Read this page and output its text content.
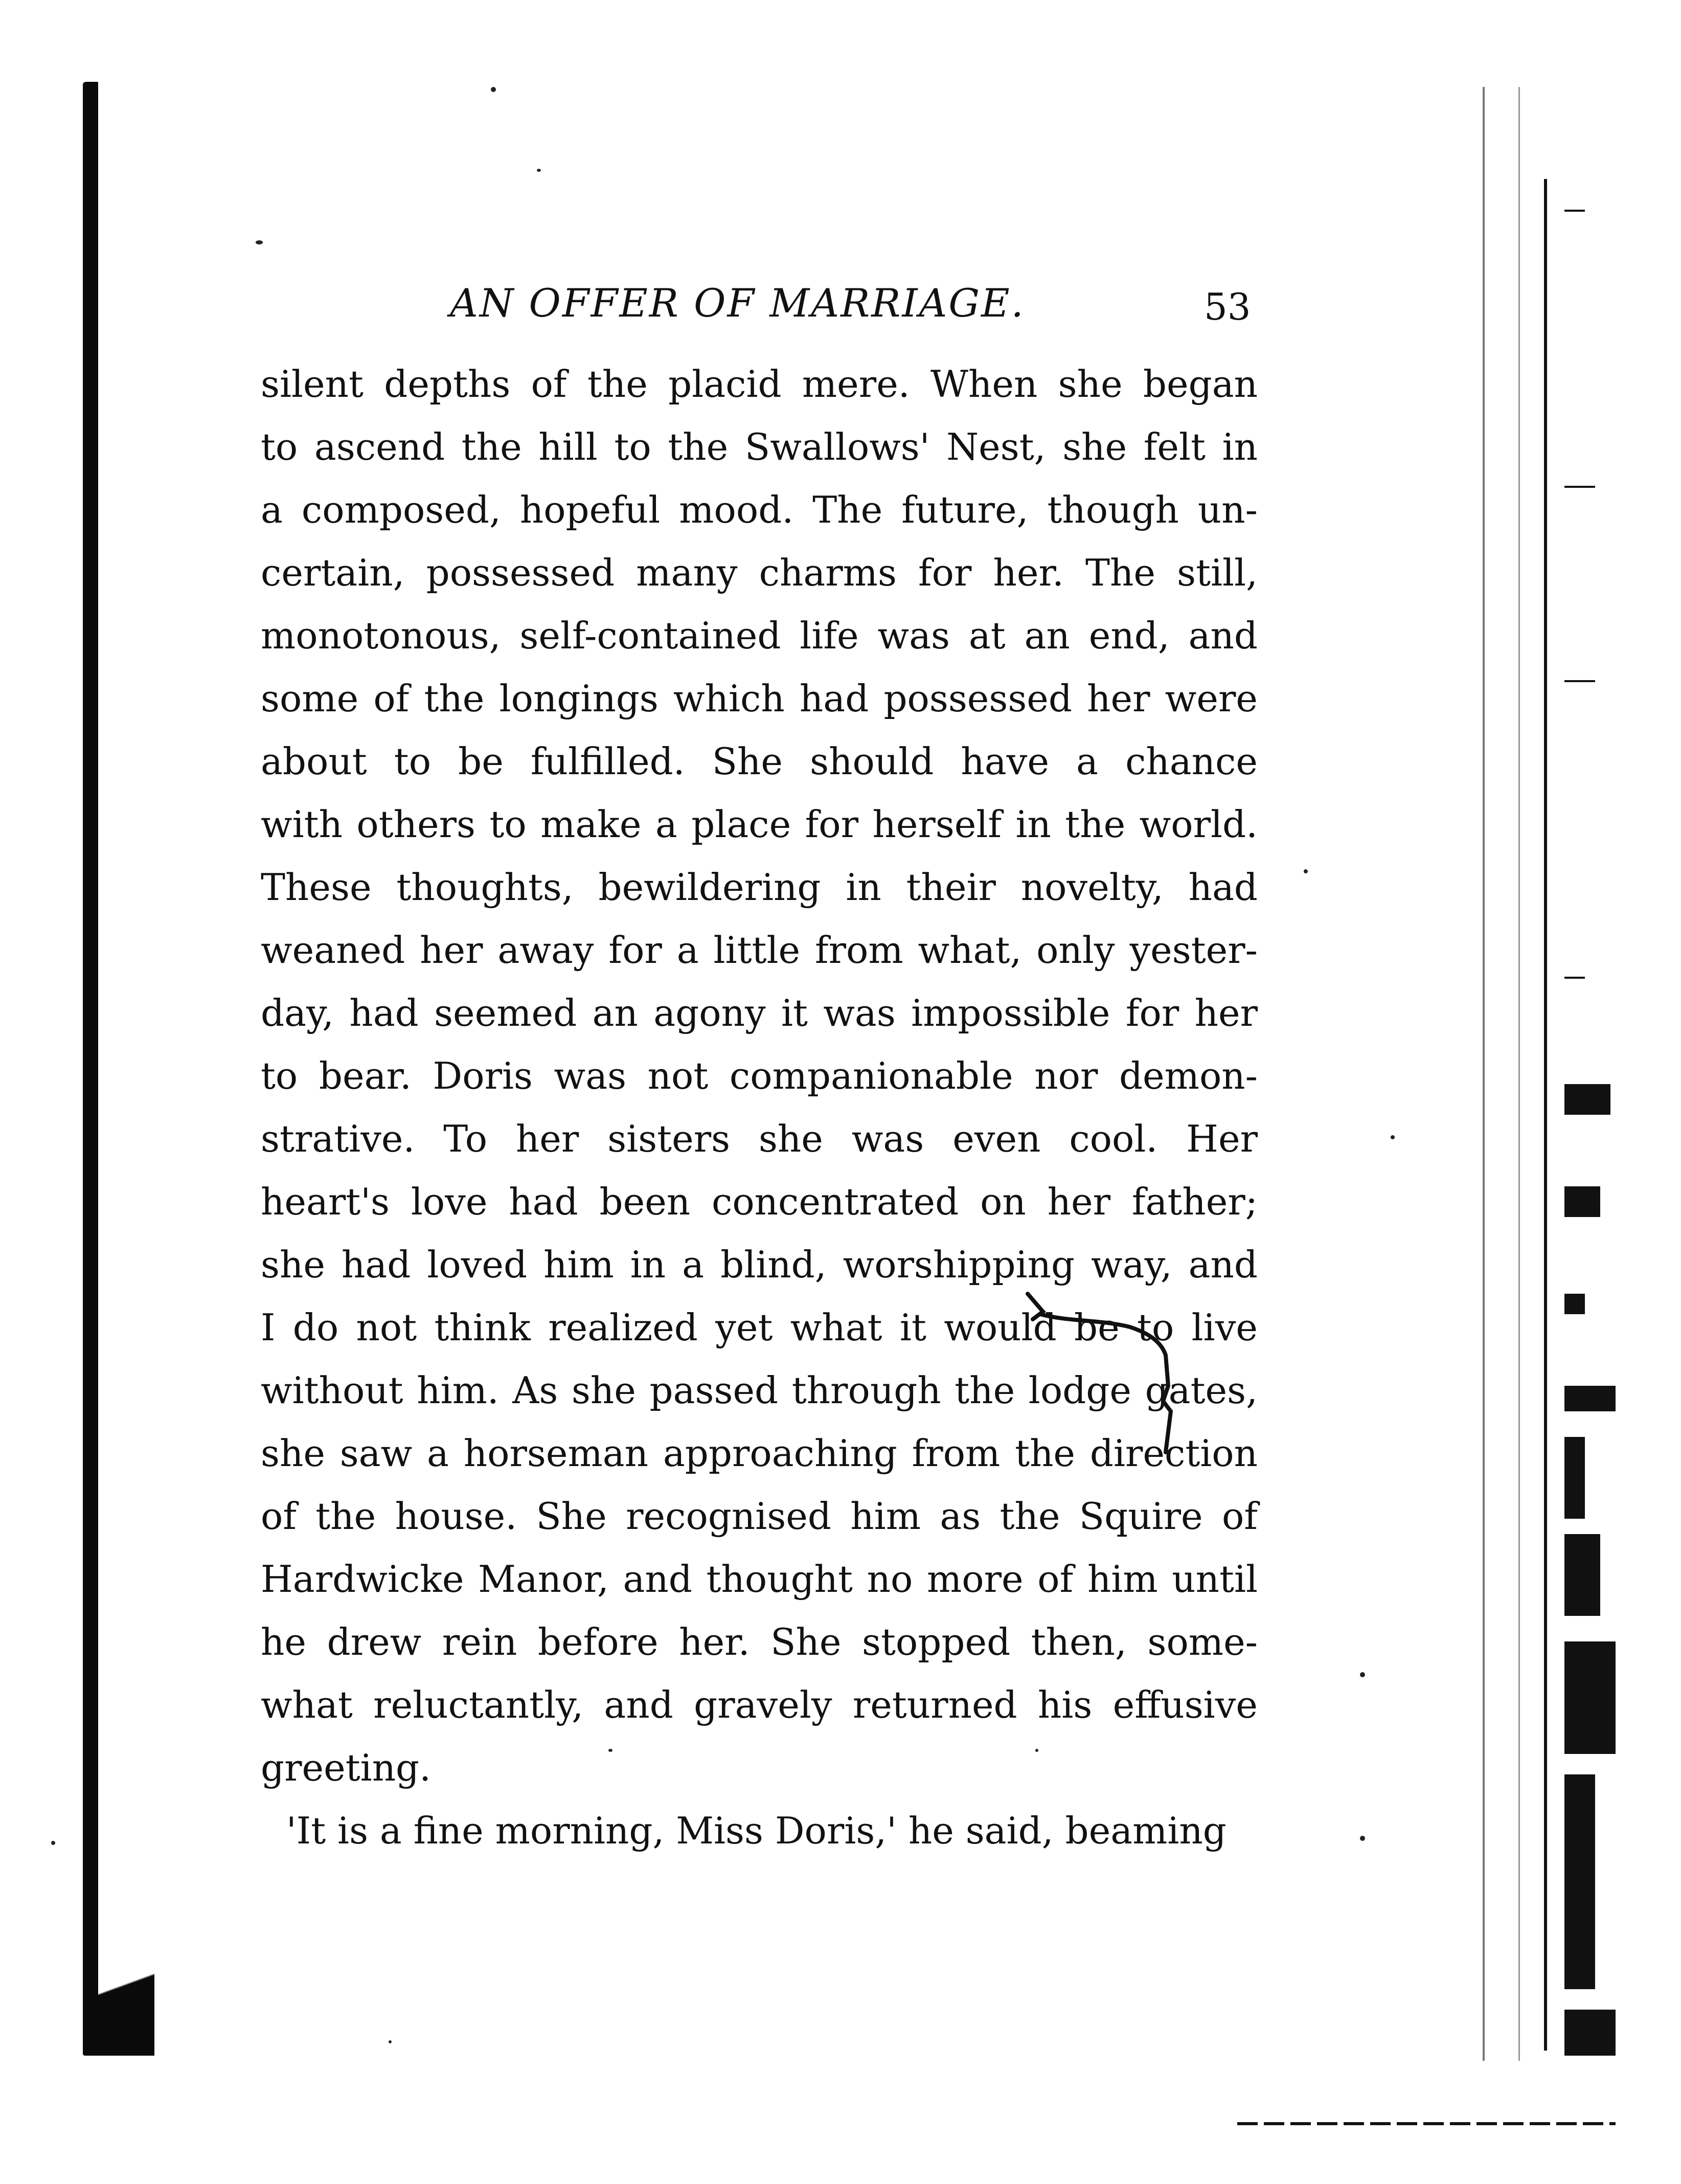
AN OFFER OF MARRIAGE.	53
silent depths of the placid mere. When she began
to ascend the hill to the Swallows' Nest, she felt in
a composed, hopeful mood. The future, though un-
certain, possessed many charms for her. The still,
monotonous, self-contained life was at an end, and
some of the longings which had possessed her were
about to be fulfilled. She should have a chance
with others to make a place for herself in the world.
These thoughts, bewildering in their novelty, had
weaned her away for a little from what, only yester-
day, had seemed an agony it was impossible for her
to bear. Doris was not companionable nor demon-
strative. To her sisters she was even cool. Her
heart's love had been concentrated on her father;
she had loved him in a blind, worshipping way, and
I do not think realized yet what it would be to live
without him. As she passed through the lodge gates,
she saw a horseman approaching from the direction
of the house. She recognised him as the Squire of
Hardwicke Manor, and thought no more of him until
he drew rein before her. She stopped then, some-
what reluctantly, and gravely returned his effusive
greeting.
'It is a fine morning, Miss Doris,' he said, beaming
